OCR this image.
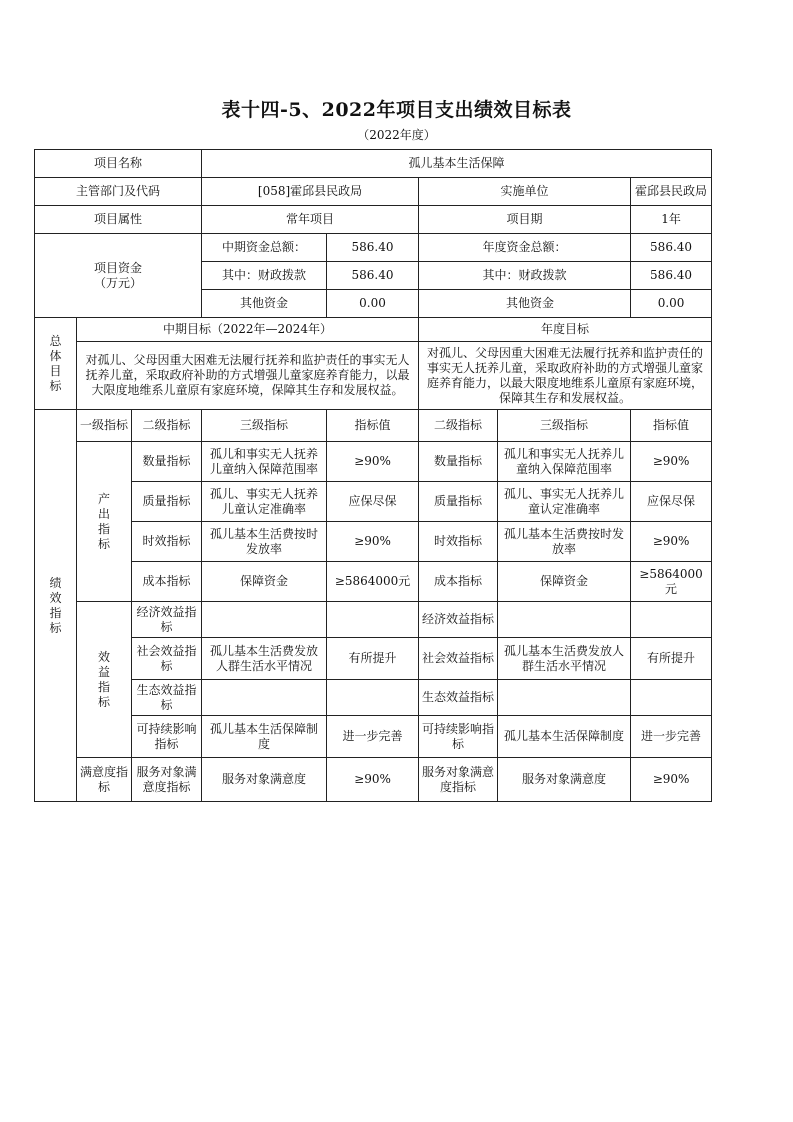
表十四-5、2022年项目支出绩效目标表
（2022年度）
项目名称			孤儿基本生活保障				
主管部门及代码			[058]霍邱县民政局		实施单位		霍邱县民政局
项目属性			常年项目		项目期		1年

项目资金
（万元）			中期资金总额：	586.40	年度资金总额：		586.40
			其中：财政拨款	586.40	其中：财政拨款		586.40
			其他资金	0.00	其他资金		0.00

总
体
目
标	中期目标（2022年—2024年）				年度目标		
	对孤儿、父母因重大困难无法履行抚养和监护责任的事实无人抚养儿童，采取政府补助的方式增强儿童家庭养育能力，以最大限度地维系儿童原有家庭环境，保障其生存和发展权益。				对孤儿、父母因重大困难无法履行抚养和监护责任的事实无人抚养儿童，采取政府补助的方式增强儿童家庭养育能力，以最大限度地维系儿童原有家庭环境，保障其生存和发展权益。		

绩
效
指
标	一级指标	二级指标	三级指标	指标值	二级指标	三级指标	指标值

	产
出
指
标	数量指标	孤儿和事实无人抚养儿童纳入保障范围率	≥90%	数量指标	孤儿和事实无人抚养儿童纳入保障范围率	≥90%
		质量指标	孤儿、事实无人抚养儿童认定准确率	应保尽保	质量指标	孤儿、事实无人抚养儿童认定准确率	应保尽保
		时效指标	孤儿基本生活费按时发放率	≥90%	时效指标	孤儿基本生活费按时发放率	≥90%
		成本指标	保障资金	≥5864000元	成本指标	保障资金	≥5864000元

	效
益
指
标	经济效益指标			经济效益指标		
		社会效益指标	孤儿基本生活费发放人群生活水平情况	有所提升	社会效益指标	孤儿基本生活费发放人群生活水平情况	有所提升
		生态效益指标			生态效益指标		
		可持续影响指标	孤儿基本生活保障制度	进一步完善	可持续影响指标	孤儿基本生活保障制度	进一步完善
	满意度指标	服务对象满意度指标	服务对象满意度	≥90%	服务对象满意度指标	服务对象满意度	≥90%
